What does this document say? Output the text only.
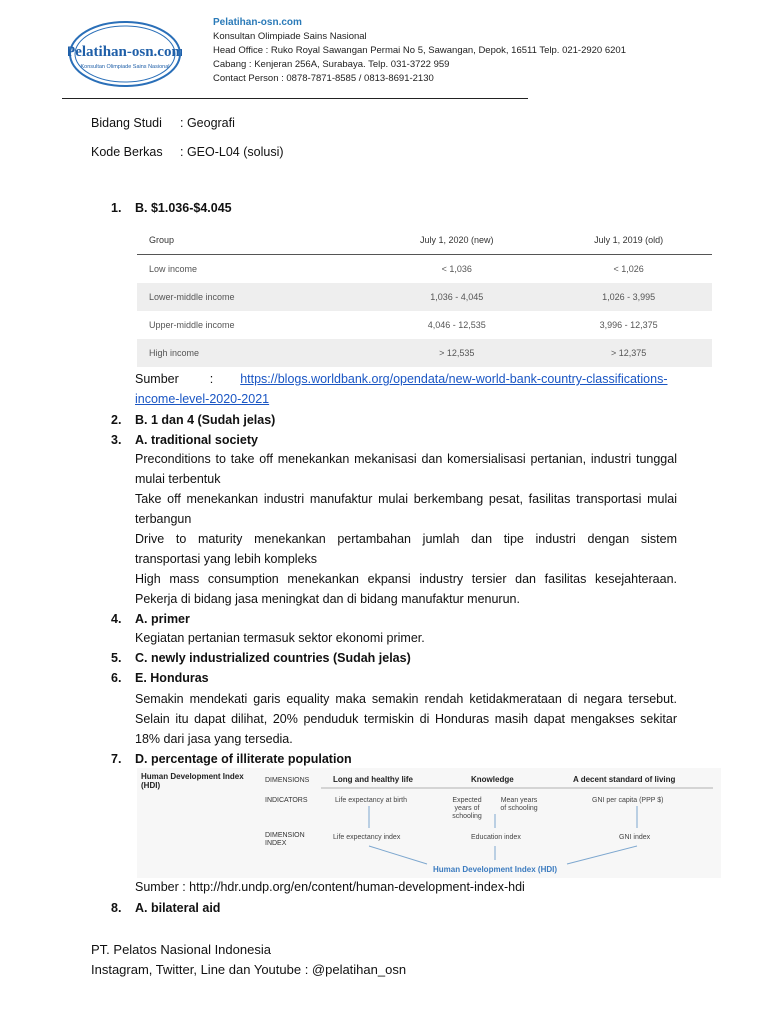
Pelatihan-osn.com
Konsultan Olimpiade Sains Nasional
Pelatihan-osn.com
Konsultan Olimpiade Sains Nasional
Head Office : Ruko Royal Sawangan Permai No 5, Sawangan, Depok, 16511 Telp. 021-2920 6201
Cabang : Kenjeran 256A, Surabaya. Telp. 031-3722 959
Contact Person : 0878-7871-8585 / 0813-8691-2130
Bidang Studi : Geografi
Kode Berkas : GEO-L04 (solusi)
1. B. $1.036-$4.045
Group	July 1, 2020 (new)	July 1, 2019 (old)
Low income	< 1,036	< 1,026
Lower-middle income	1,036 - 4,045	1,026 - 3,995
Upper-middle income	4,046 - 12,535	3,996 - 12,375
High income	> 12,535	> 12,375
Sumber : https://blogs.worldbank.org/opendata/new-world-bank-country-classifications-
income-level-2020-2021
2. B. 1 dan 4 (Sudah jelas)
3. A. traditional society
Preconditions to take off menekankan mekanisasi dan komersialisasi pertanian, industri tunggal
mulai terbentuk
Take off menekankan industri manufaktur mulai berkembang pesat, fasilitas transportasi mulai
terbangun
Drive to maturity menekankan pertambahan jumlah dan tipe industri dengan sistem
transportasi yang lebih kompleks
High mass consumption menekankan ekpansi industry tersier dan fasilitas kesejahteraan.
Pekerja di bidang jasa meningkat dan di bidang manufaktur menurun.
4. A. primer
Kegiatan pertanian termasuk sektor ekonomi primer.
5. C. newly industrialized countries (Sudah jelas)
6. E. Honduras
Semakin mendekati garis equality maka semakin rendah ketidakmerataan di negara tersebut.
Selain itu dapat dilihat, 20% penduduk termiskin di Honduras masih dapat mengakses sekitar
18% dari jasa yang tersedia.
7. D. percentage of illiterate population
Human Development Index (HDI)
DIMENSIONS
INDICATORS
DIMENSION INDEX
Long and healthy life	Knowledge	A decent standard of living
Life expectancy at birth	Expected years of schooling
Mean years of schooling
GNI per capita (PPP $)
Life expectancy index	Education index	GNI index
Human Development Index (HDI)
Sumber : http://hdr.undp.org/en/content/human-development-index-hdi
8. A. bilateral aid
PT. Pelatos Nasional Indonesia
Instagram, Twitter, Line dan Youtube : @pelatihan_osn
